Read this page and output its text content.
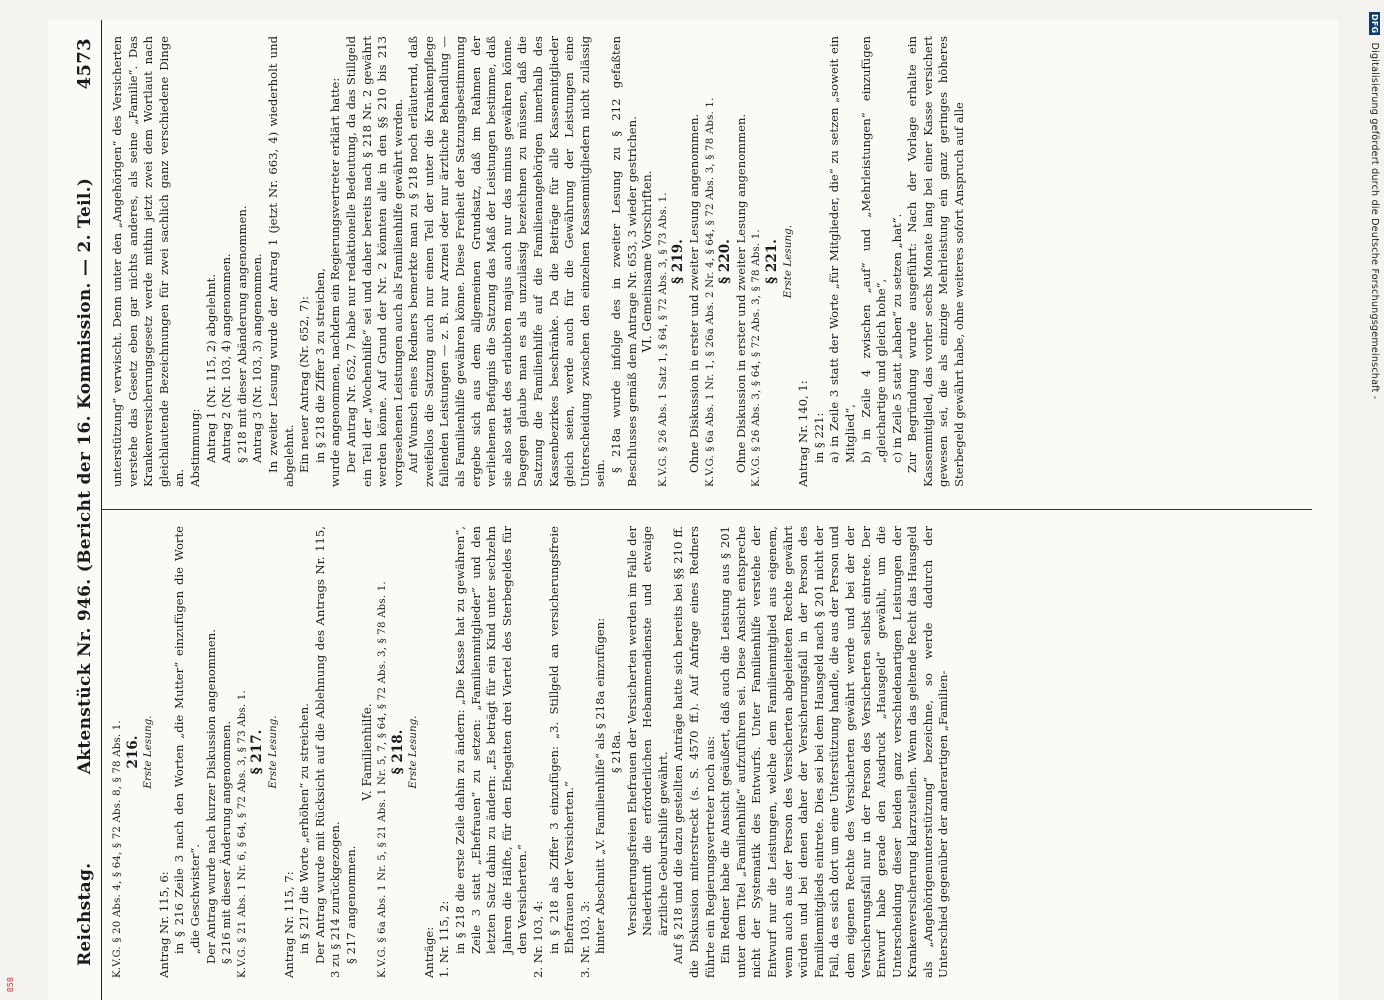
Reichstag.
Aktenstück Nr. 946. (Bericht der 16. Kommission. — 2. Teil.)
4573

K.V.G. § 20 Abs. 4, § 64, § 72 Abs. 8, § 78 Abs. 1. 216. Erste Lesung.

Antrag Nr. 115, 6: in § 216 Zeile 3 nach den Worten „die Mutter“ einzufügen die Worte „die Geschwister“. Der Antrag wurde nach kurzer Diskussion angenommen. § 216 mit dieser Änderung angenommen. K.V.G. § 21 Abs. 1 Nr. 6, § 64, § 72 Abs. 3, § 73 Abs. 1. § 217. Erste Lesung.

Antrag Nr. 115, 7: in § 217 die Worte „erhöhen“ zu streichen. Der Antrag wurde mit Rücksicht auf die Ablehnung des Antrags Nr. 115, 3 zu § 214 zurückgezogen. § 217 angenommen.

V. Familienhilfe. K.V.G. § 6a Abs. 1 Nr. 5, § 21 Abs. 1 Nr. 5, 7, § 64, § 72 Abs. 3, § 78 Abs. 1. § 218. Erste Lesung.

Anträge: 1. Nr. 115, 2: in § 218 die erste Zeile dahin zu ändern: „Die Kasse hat zu gewähren“, Zeile 3 statt „Ehefrauen“ zu setzen: „Familienmitglieder“ und den letzten Satz dahin zu ändern: „Es beträgt für ein Kind unter sechzehn Jahren die Hälfte, für den Ehegatten drei Viertel des Sterbegeldes für den Versicherten.“ 2. Nr. 103, 4: in § 218 als Ziffer 3 einzufügen: „3. Stillgeld an versicherungsfreie Ehefrauen der Versicherten.“ 3. Nr. 103, 3: hinter Abschnitt „V. Familienhilfe“ als § 218a einzufügen: § 218a. Versicherungsfreien Ehefrauen der Versicherten werden im Falle der Niederkunft die erforderlichen Hebammendienste und etwaige ärztliche Geburtshilfe gewährt. Auf § 218 und die dazu gestellten Anträge hatte sich bereits bei §§ 210 ff. die Diskussion miterstreckt (s. S. 4570 ff.). Auf Anfrage eines Redners führte ein Regierungsvertreter noch aus: Ein Redner habe die Ansicht geäußert, daß auch die Leistung aus § 201 unter dem Titel „Familienhilfe“ aufzuführen sei. Diese Ansicht entspreche nicht der Systematik des Entwurfs. Unter Familienhilfe verstehe der Entwurf nur die Leistungen, welche dem Familienmitglied aus eigenem, wenn auch aus der Person des Versicherten abgeleiteten Rechte gewährt würden und bei denen daher der Versicherungsfall in der Person des Familienmitglieds eintrete. Dies sei bei dem Hausgeld nach § 201 nicht der Fall, da es sich dort um eine Unterstützung handle, die aus der Person und dem eigenen Rechte des Versicherten gewährt werde und bei der der Versicherungsfall nur in der Person des Versicherten selbst eintrete. Der Entwurf habe gerade den Ausdruck „Hausgeld“ gewählt, um die Unterscheidung dieser beiden ganz verschiedenartigen Leistungen der Krankenversicherung klarzustellen. Wenn das geltende Recht das Hausgeld als „Angehörigenunterstützung“ bezeichne, so werde dadurch der Unterschied gegenüber der anderartigen „Familien-

unterstützung“ verwischt. Denn unter den „Angehörigen“ des Versicherten verstehe das Gesetz eben gar nichts anderes, als seine „Familie“. Das Krankenversicherungsgesetz werde mithin jetzt zwei dem Wortlaut nach gleichlautende Bezeichnungen für zwei sachlich ganz verschiedene Dinge an. Abstimmung: Antrag 1 (Nr. 115, 2) abgelehnt. Antrag 2 (Nr. 103, 4) angenommen. § 218 mit dieser Abänderung angenommen. Antrag 3 (Nr. 103, 3) angenommen. In zweiter Lesung wurde der Antrag 1 (jetzt Nr. 663, 4) wiederholt und abgelehnt. Ein neuer Antrag (Nr. 652, 7): in § 218 die Ziffer 3 zu streichen, wurde angenommen, nachdem ein Regierungsvertreter erklärt hatte: Der Antrag Nr. 652, 7 habe nur redaktionelle Bedeutung, da das Stillgeld ein Teil der „Wochenhilfe“ sei und daher bereits nach § 218 Nr. 2 gewährt werden könne. Auf Grund der Nr. 2 könnten alle in den §§ 210 bis 213 vorgesehenen Leistungen auch als Familienhilfe gewährt werden. Auf Wunsch eines Redners bemerkte man zu § 218 noch erläuternd, daß zweifellos die Satzung auch nur einen Teil der unter die Krankenpflege fallenden Leistungen — z. B. nur Arznei oder nur ärztliche Behandlung — als Familienhilfe gewähren könne. Diese Freiheit der Satzungsbestimmung ergebe sich aus dem allgemeinen Grundsatz, daß im Rahmen der verliehenen Befugnis die Satzung das Maß der Leistungen bestimme, daß sie also statt des erlaubten majus auch nur das minus gewähren könne. Dagegen glaube man es als unzulässig bezeichnen zu müssen, daß die Satzung die Familienhilfe auf die Familienangehörigen innerhalb des Kassenbezirkes beschränke. Da die Beiträge für alle Kassenmitglieder gleich seien, werde auch für die Gewährung der Leistungen eine Unterscheidung zwischen den einzelnen Kassenmitgliedern nicht zulässig sein.

§ 218a wurde infolge des in zweiter Lesung zu § 212 gefaßten Beschlusses gemäß dem Antrage Nr. 653, 3 wieder gestrichen. VI. Gemeinsame Vorschriften. K.V.G. § 26 Abs. 1 Satz 1, § 64, § 72 Abs. 3, § 73 Abs. 1. § 219. Ohne Diskussion in erster und zweiter Lesung angenommen. K.V.G. § 6a Abs. 1 Nr. 1, § 26a Abs. 2 Nr. 4, § 64, § 72 Abs. 3, § 78 Abs. 1. § 220. Ohne Diskussion in erster und zweiter Lesung angenommen. K.V.G. § 26 Abs. 3, § 64, § 72 Abs. 3, § 78 Abs. 1. § 221. Erste Lesung.

Antrag Nr. 140, 1: in § 221: a) in Zeile 3 statt der Worte „für Mitglieder, die“ zu setzen „soweit ein Mitglied“, b) in Zeile 4 zwischen „auf“ und „Mehrleistungen“ einzufügen „gleichartige und gleich hohe“, c) in Zeile 5 statt „haben“ zu setzen „hat“. Zur Begründung wurde ausgeführt: Nach der Vorlage erhalte ein Kassenmitglied, das vorher sechs Monate lang bei einer Kasse versichert gewesen sei, die als einzige Mehrleistung ein ganz geringes höheres Sterbegeld gewährt habe, ohne weiteres sofort Anspruch auf alle

DFG Digitalisierung gefördert durch die Deutsche Forschungsgemeinschaft -
858
